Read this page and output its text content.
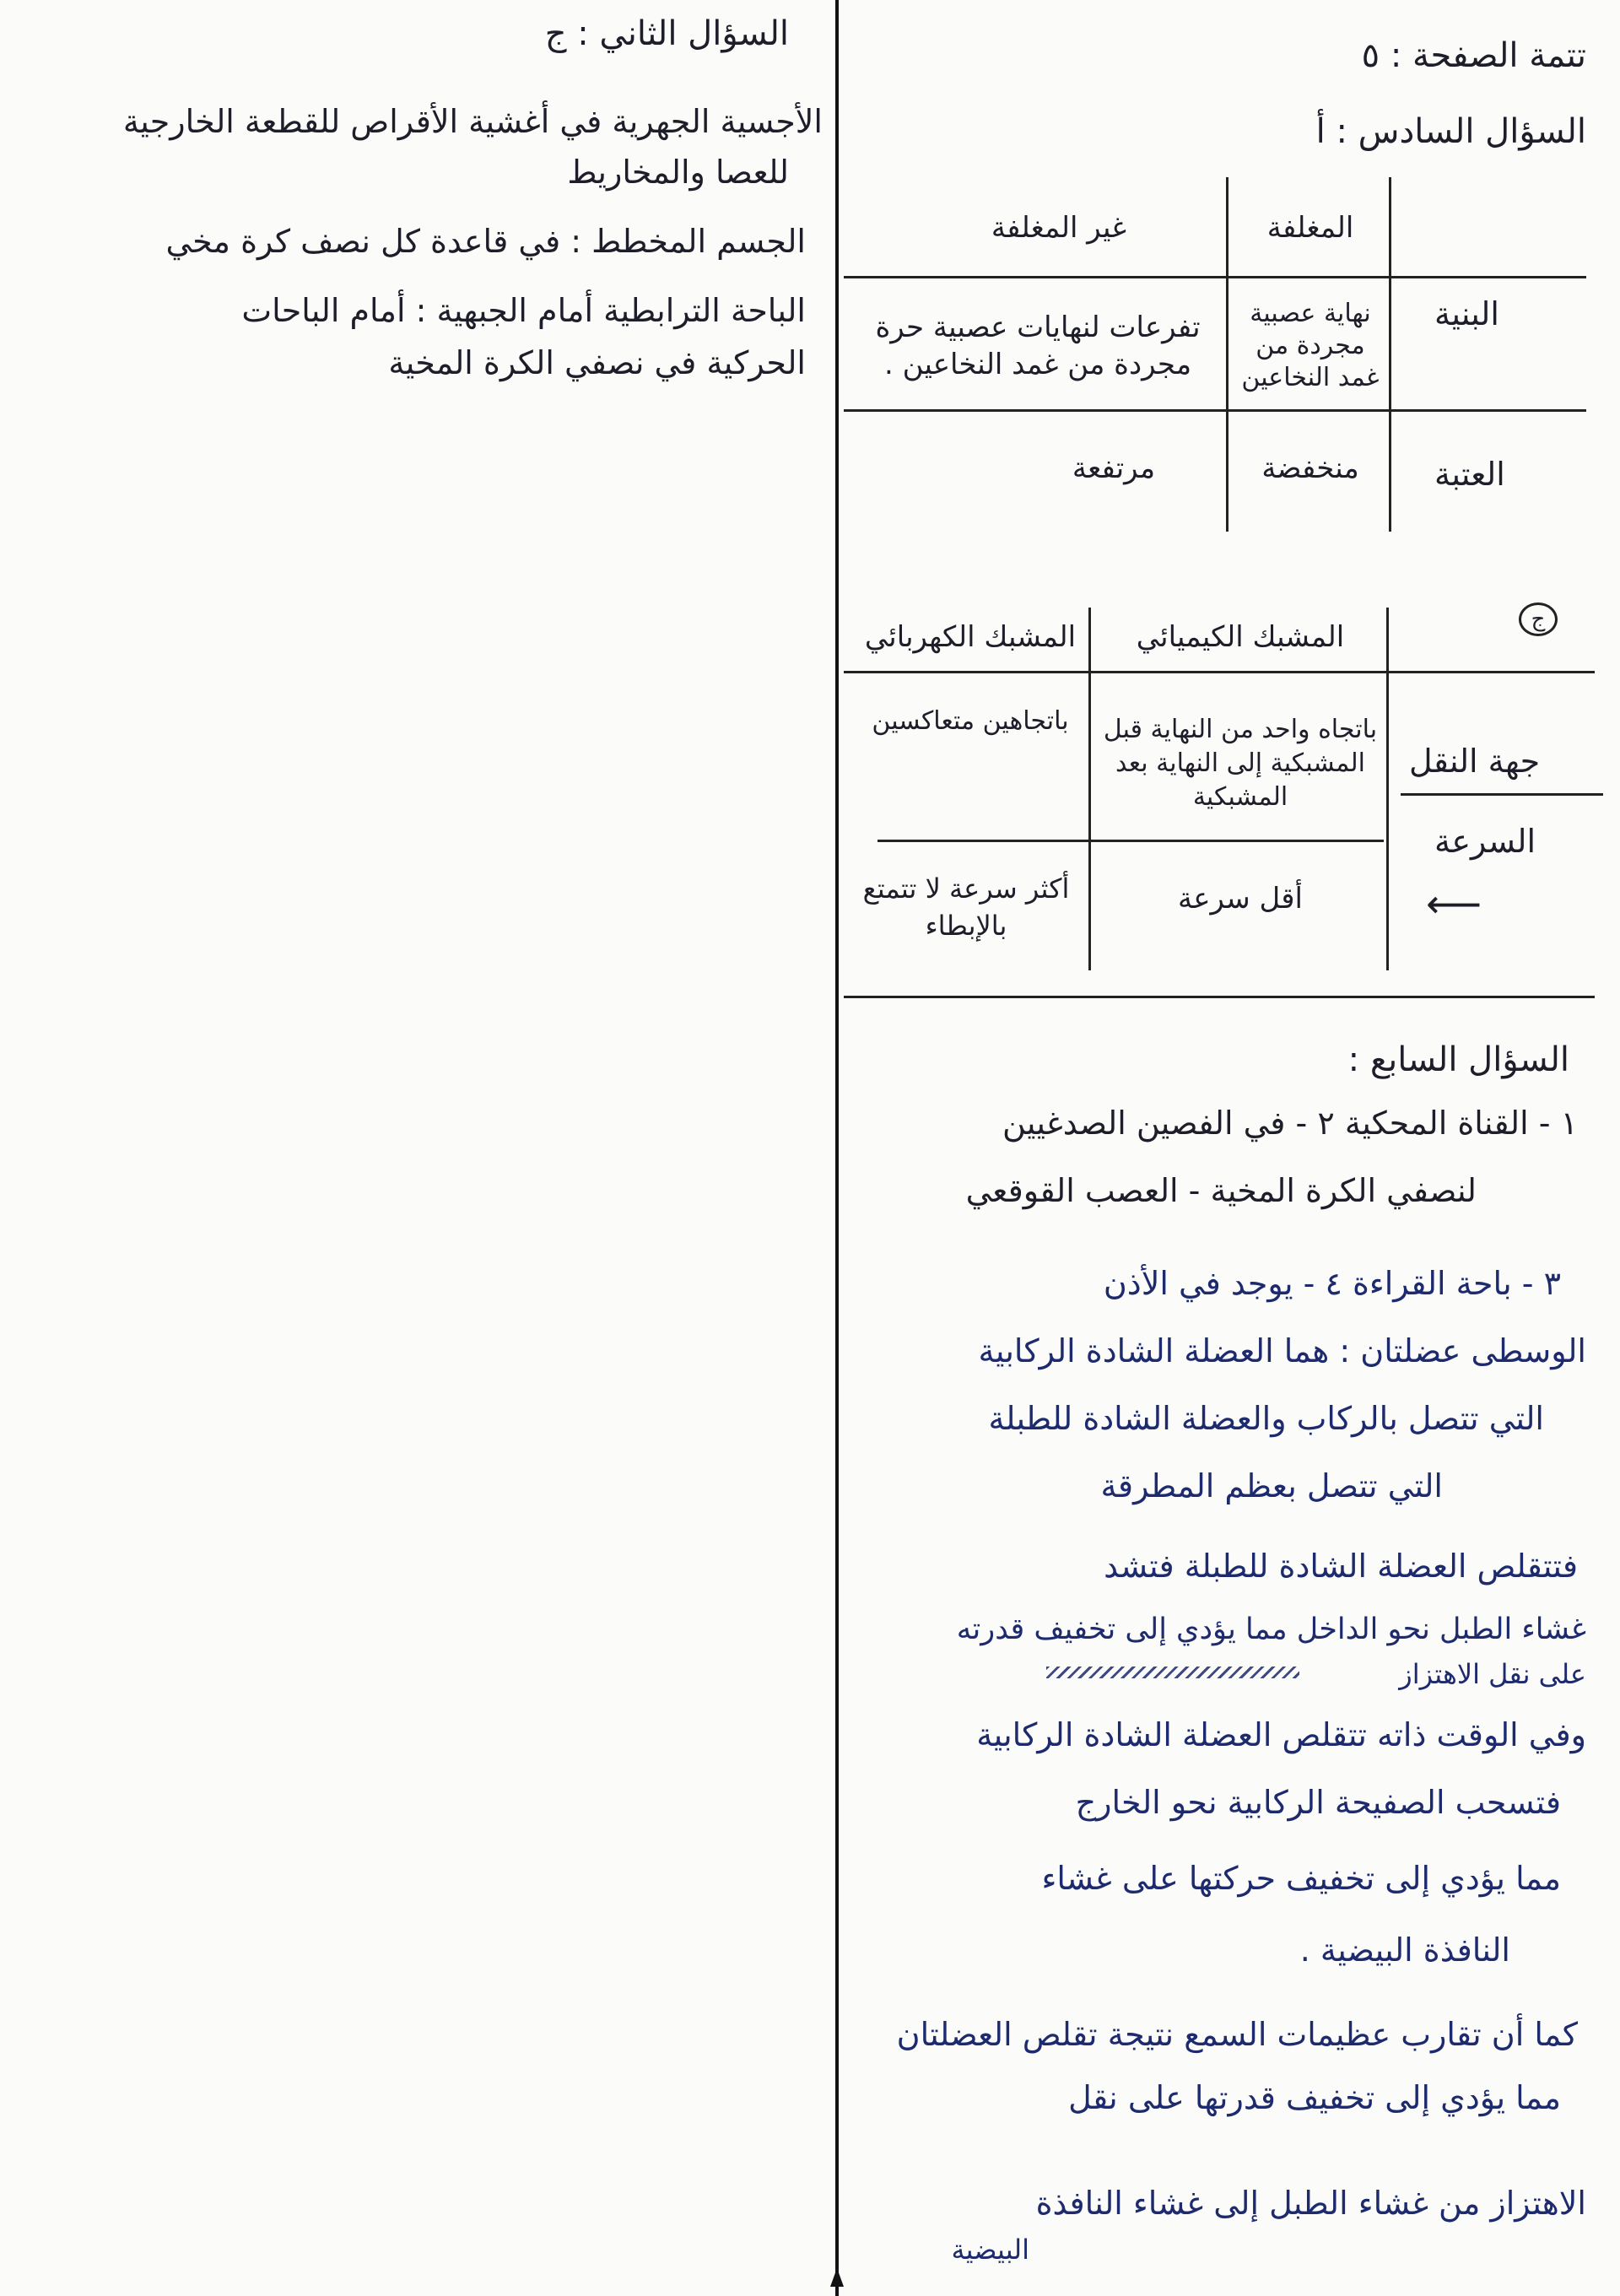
السؤال الثاني : ج
الأجسية الجهرية في أغشية الأقراص للقطعة الخارجية
للعصا والمخاريط
الجسم المخطط : في قاعدة كل نصف كرة مخي
الباحة الترابطية أمام الجبهية : أمام الباحات
الحركية في نصفي الكرة المخية
تتمة الصفحة : ٥
السؤال السادس : أ
المغلفة
غير المغلفة
البنية
نهاية عصبية مجردة من غمد النخاعين
تفرعات لنهايات عصبية حرة مجردة من غمد النخاعين .
العتبة
منخفضة
مرتفعة
ج
المشبك الكيميائي
المشبك الكهربائي
جهة النقل
باتجاه واحد من النهاية قبل المشبكية إلى النهاية بعد المشبكية
باتجاهين متعاكسين
السرعة
⟵
أقل سرعة
أكثر سرعة لا تتمتع بالإبطاء
السؤال السابع :
١ - القناة المحكية ٢ - في الفصين الصدغيين
لنصفي الكرة المخية - العصب القوقعي
٣ - باحة القراءة ٤ - يوجد في الأذن
الوسطى عضلتان : هما العضلة الشادة الركابية
التي تتصل بالركاب والعضلة الشادة للطبلة
التي تتصل بعظم المطرقة
فتتقلص العضلة الشادة للطبلة فتشد
غشاء الطبل نحو الداخل مما يؤدي إلى تخفيف قدرته
على نقل الاهتزاز
وفي الوقت ذاته تتقلص العضلة الشادة الركابية
فتسحب الصفيحة الركابية نحو الخارج
مما يؤدي إلى تخفيف حركتها على غشاء
النافذة البيضية .
كما أن تقارب عظيمات السمع نتيجة تقلص العضلتان
مما يؤدي إلى تخفيف قدرتها على نقل
الاهتزاز من غشاء الطبل إلى غشاء النافذة
البيضية
